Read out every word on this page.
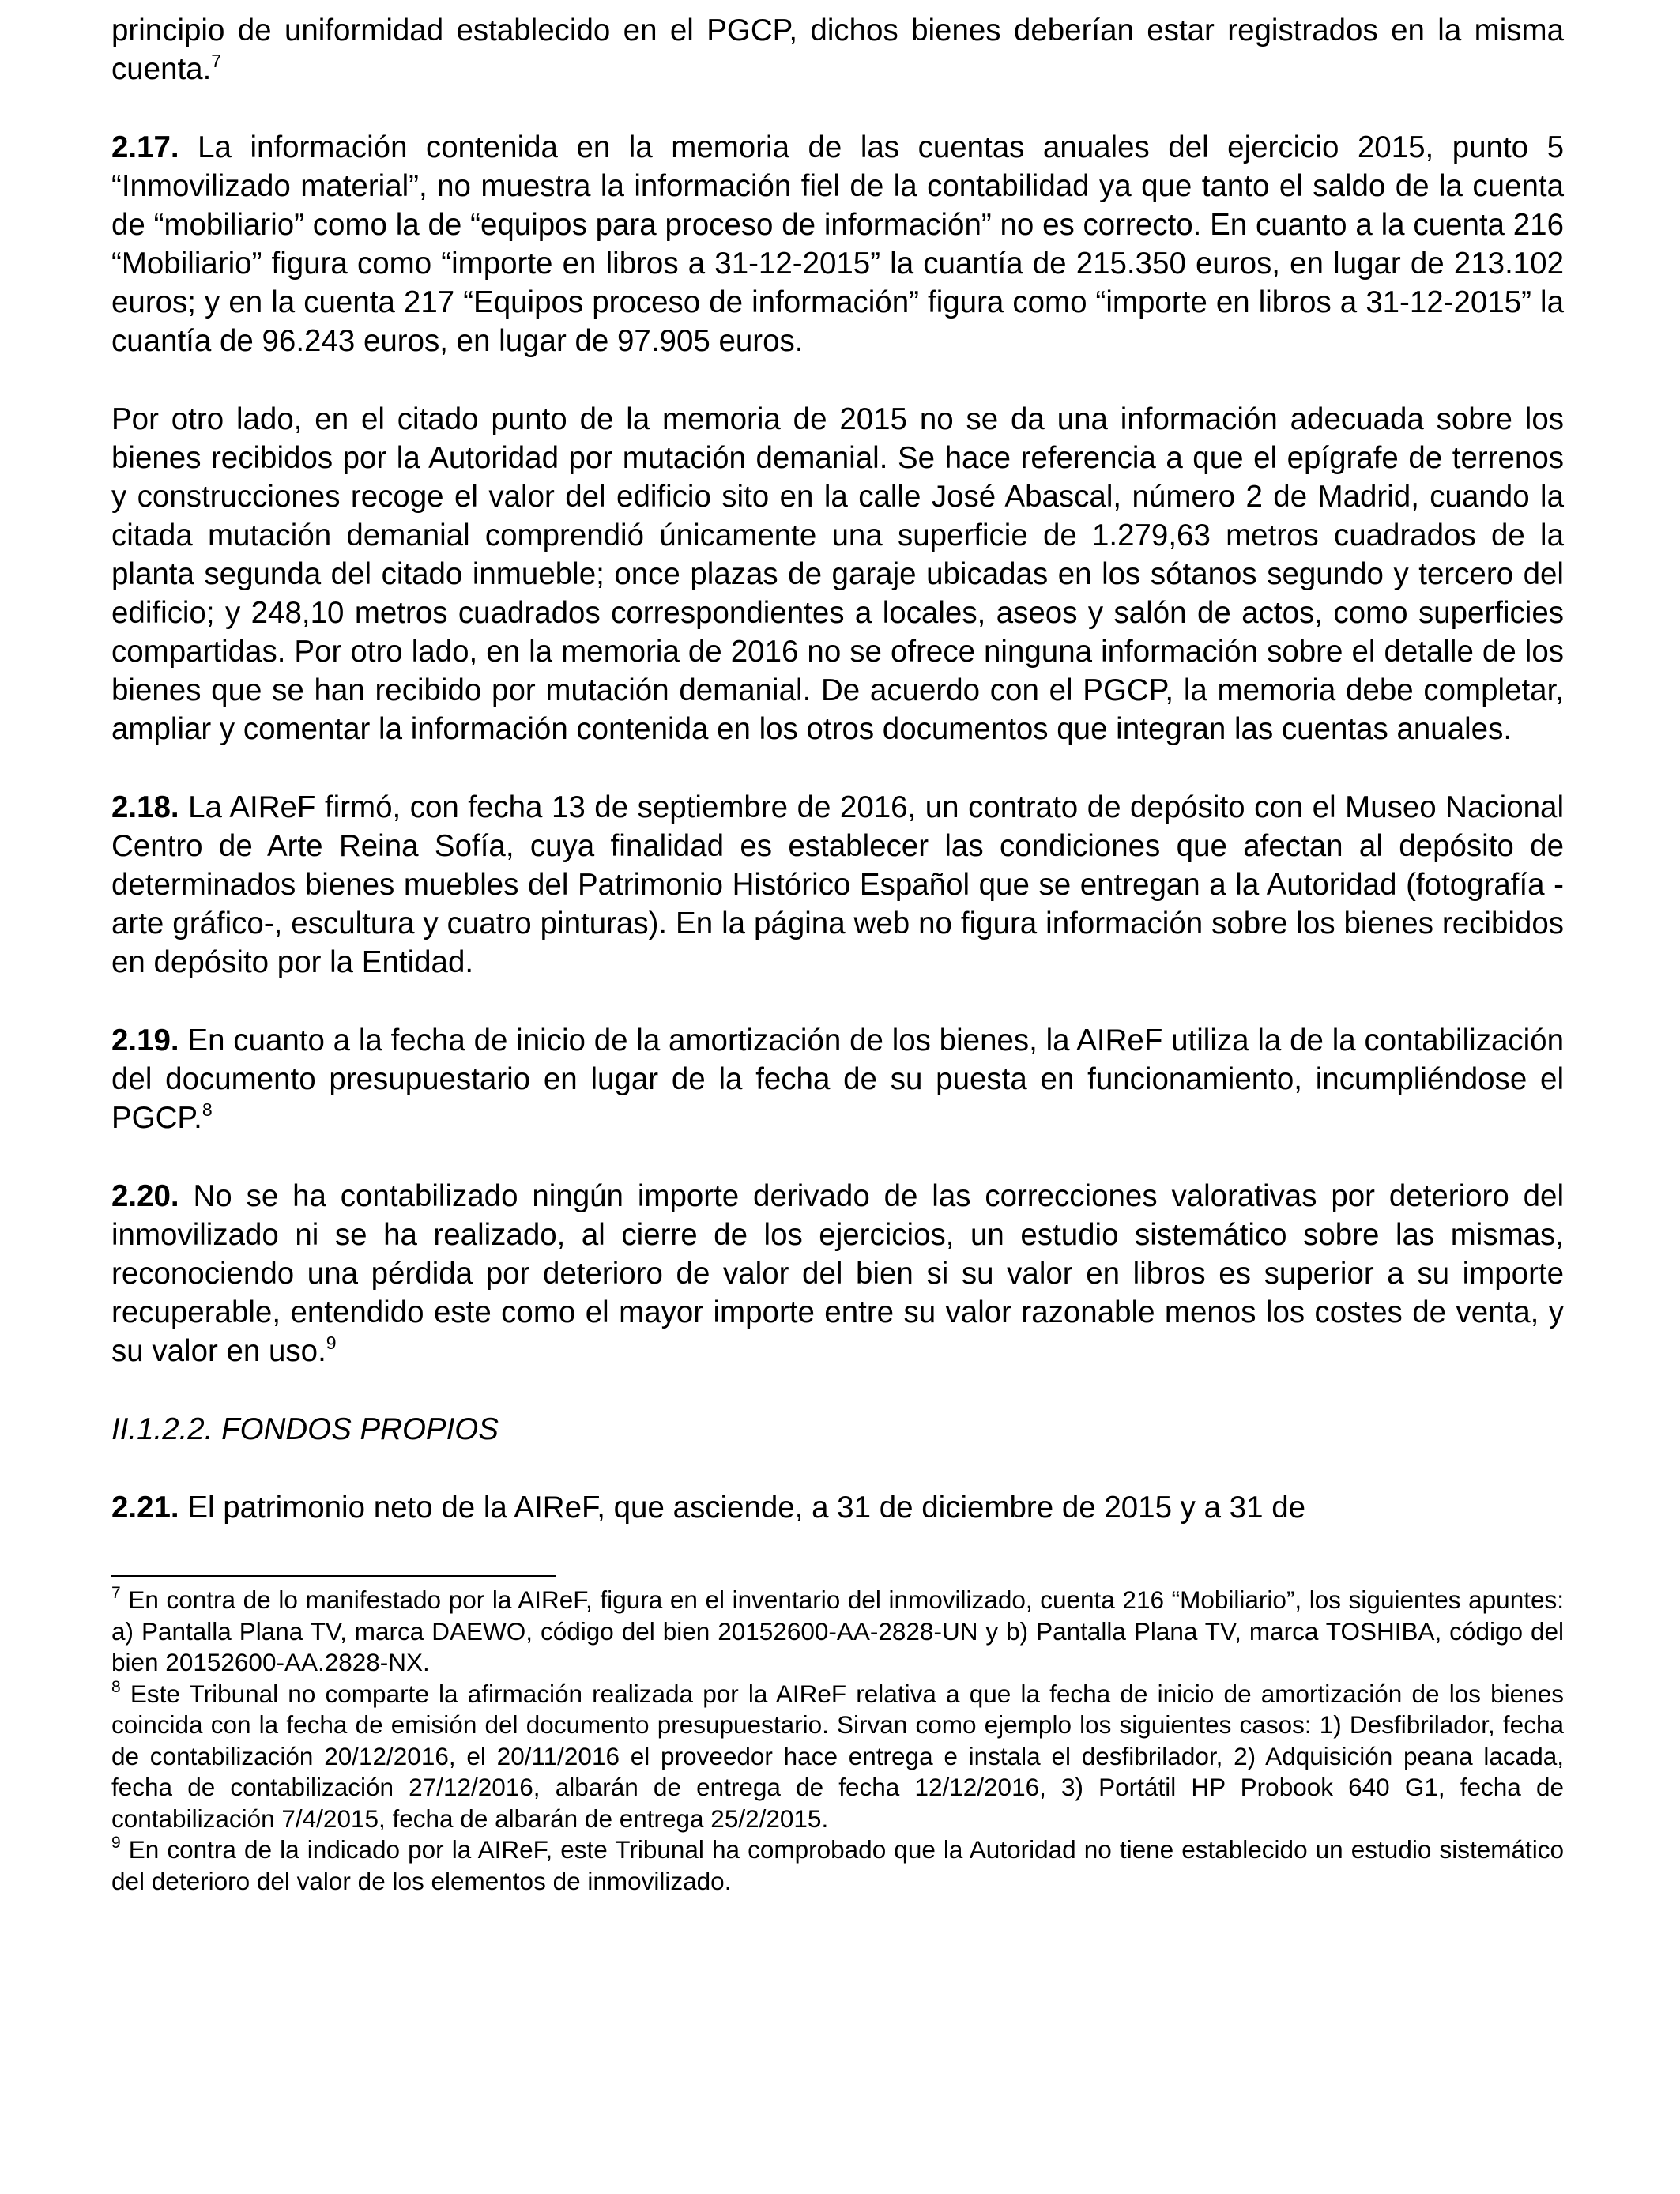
principio de uniformidad establecido en el PGCP, dichos bienes deberían estar registrados en la misma cuenta.$^7$

2.17. La información contenida en la memoria de las cuentas anuales del ejercicio 2015, punto 5 “Inmovilizado material”, no muestra la información fiel de la contabilidad ya que tanto el saldo de la cuenta de “mobiliario” como la de “equipos para proceso de información” no es correcto. En cuanto a la cuenta 216 “Mobiliario” figura como “importe en libros a 31-12-2015” la cuantía de 215.350 euros, en lugar de 213.102 euros; y en la cuenta 217 “Equipos proceso de información” figura como “importe en libros a 31-12-2015” la cuantía de 96.243 euros, en lugar de 97.905 euros.

Por otro lado, en el citado punto de la memoria de 2015 no se da una información adecuada sobre los bienes recibidos por la Autoridad por mutación demanial. Se hace referencia a que el epígrafe de terrenos y construcciones recoge el valor del edificio sito en la calle José Abascal, número 2 de Madrid, cuando la citada mutación demanial comprendió únicamente una superficie de 1.279,63 metros cuadrados de la planta segunda del citado inmueble; once plazas de garaje ubicadas en los sótanos segundo y tercero del edificio; y 248,10 metros cuadrados correspondientes a locales, aseos y salón de actos, como superficies compartidas. Por otro lado, en la memoria de 2016 no se ofrece ninguna información sobre el detalle de los bienes que se han recibido por mutación demanial. De acuerdo con el PGCP, la memoria debe completar, ampliar y comentar la información contenida en los otros documentos que integran las cuentas anuales.

2.18. La AIReF firmó, con fecha 13 de septiembre de 2016, un contrato de depósito con el Museo Nacional Centro de Arte Reina Sofía, cuya finalidad es establecer las condiciones que afectan al depósito de determinados bienes muebles del Patrimonio Histórico Español que se entregan a la Autoridad (fotografía -arte gráfico-, escultura y cuatro pinturas). En la página web no figura información sobre los bienes recibidos en depósito por la Entidad.

2.19. En cuanto a la fecha de inicio de la amortización de los bienes, la AIReF utiliza la de la contabilización del documento presupuestario en lugar de la fecha de su puesta en funcionamiento, incumpliéndose el PGCP.$^8$

2.20. No se ha contabilizado ningún importe derivado de las correcciones valorativas por deterioro del inmovilizado ni se ha realizado, al cierre de los ejercicios, un estudio sistemático sobre las mismas, reconociendo una pérdida por deterioro de valor del bien si su valor en libros es superior a su importe recuperable, entendido este como el mayor importe entre su valor razonable menos los costes de venta, y su valor en uso.$^9$

II.1.2.2. FONDOS PROPIOS

2.21. El patrimonio neto de la AIReF, que asciende, a 31 de diciembre de 2015 y a 31 de

$^7$ En contra de lo manifestado por la AIReF, figura en el inventario del inmovilizado, cuenta 216 “Mobiliario”, los siguientes apuntes: a) Pantalla Plana TV, marca DAEWO, código del bien 20152600-AA-2828-UN y b) Pantalla Plana TV, marca TOSHIBA, código del bien 20152600-AA.2828-NX.

$^8$ Este Tribunal no comparte la afirmación realizada por la AIReF relativa a que la fecha de inicio de amortización de los bienes coincida con la fecha de emisión del documento presupuestario. Sirvan como ejemplo los siguientes casos: 1) Desfibrilador, fecha de contabilización 20/12/2016, el 20/11/2016 el proveedor hace entrega e instala el desfibrilador, 2) Adquisición peana lacada, fecha de contabilización 27/12/2016, albarán de entrega de fecha 12/12/2016, 3) Portátil HP Probook 640 G1, fecha de contabilización 7/4/2015, fecha de albarán de entrega 25/2/2015.

$^9$ En contra de la indicado por la AIReF, este Tribunal ha comprobado que la Autoridad no tiene establecido un estudio sistemático del deterioro del valor de los elementos de inmovilizado.
